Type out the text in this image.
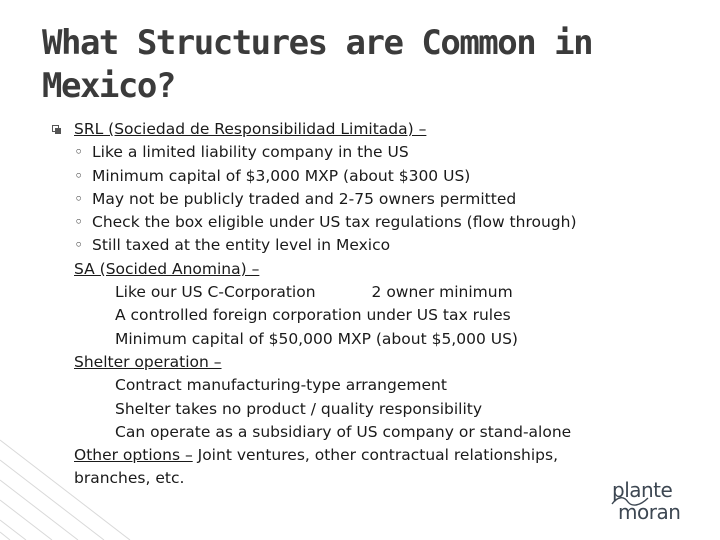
What Structures are Common in Mexico?
SRL (Sociedad de Responsibilidad Limitada) –
◦ Like a limited liability company in the US
◦ Minimum capital of $3,000 MXP (about $300 US)
◦ May not be publicly traded and 2-75 owners permitted
◦ Check the box eligible under US tax regulations (flow through)
◦ Still taxed at the entity level in Mexico
SA (Socided Anomina) –
Like our US C-Corporation	2 owner minimum
A controlled foreign corporation under US tax rules
Minimum capital of $50,000 MXP (about $5,000 US)
Shelter operation –
Contract manufacturing-type arrangement
Shelter takes no product / quality responsibility
Can operate as a subsidiary of US company or stand-alone
Other options – Joint ventures, other contractual relationships,
branches, etc.	plante
moran
